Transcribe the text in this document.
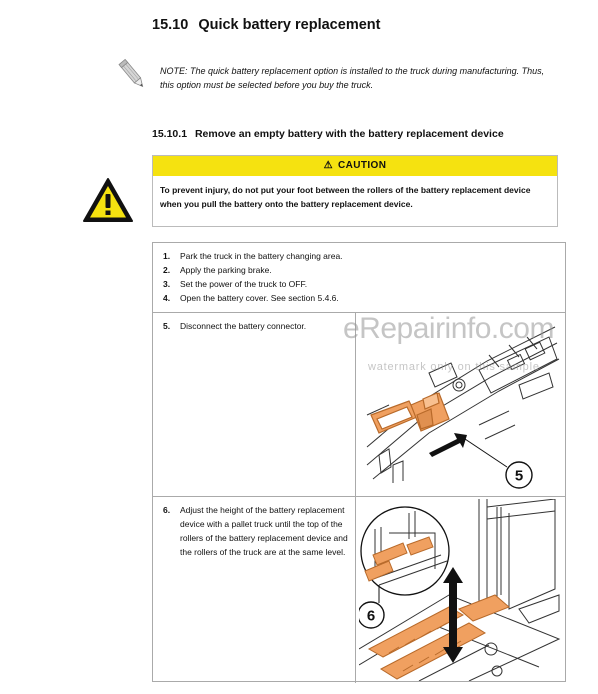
15.10 Quick battery replacement
NOTE: The quick battery replacement option is installed to the truck during manufacturing. Thus, this option must be selected before you buy the truck.
15.10.1 Remove an empty battery with the battery replacement device
⚠ CAUTION
To prevent injury, do not put your foot between the rollers of the battery replacement device when you pull the battery onto the battery replacement device.
1.	Park the truck in the battery changing area.
2.	Apply the parking brake.
3.	Set the power of the truck to OFF.
4.	Open the battery cover. See section 5.4.6.
5.	Disconnect the battery connector.
5
6.	Adjust the height of the battery replacement device with a pallet truck until the top of the rollers of the battery replacement device and the rollers of the truck are at the same level.
6
eRepairinfo.com
watermark only on this sample
